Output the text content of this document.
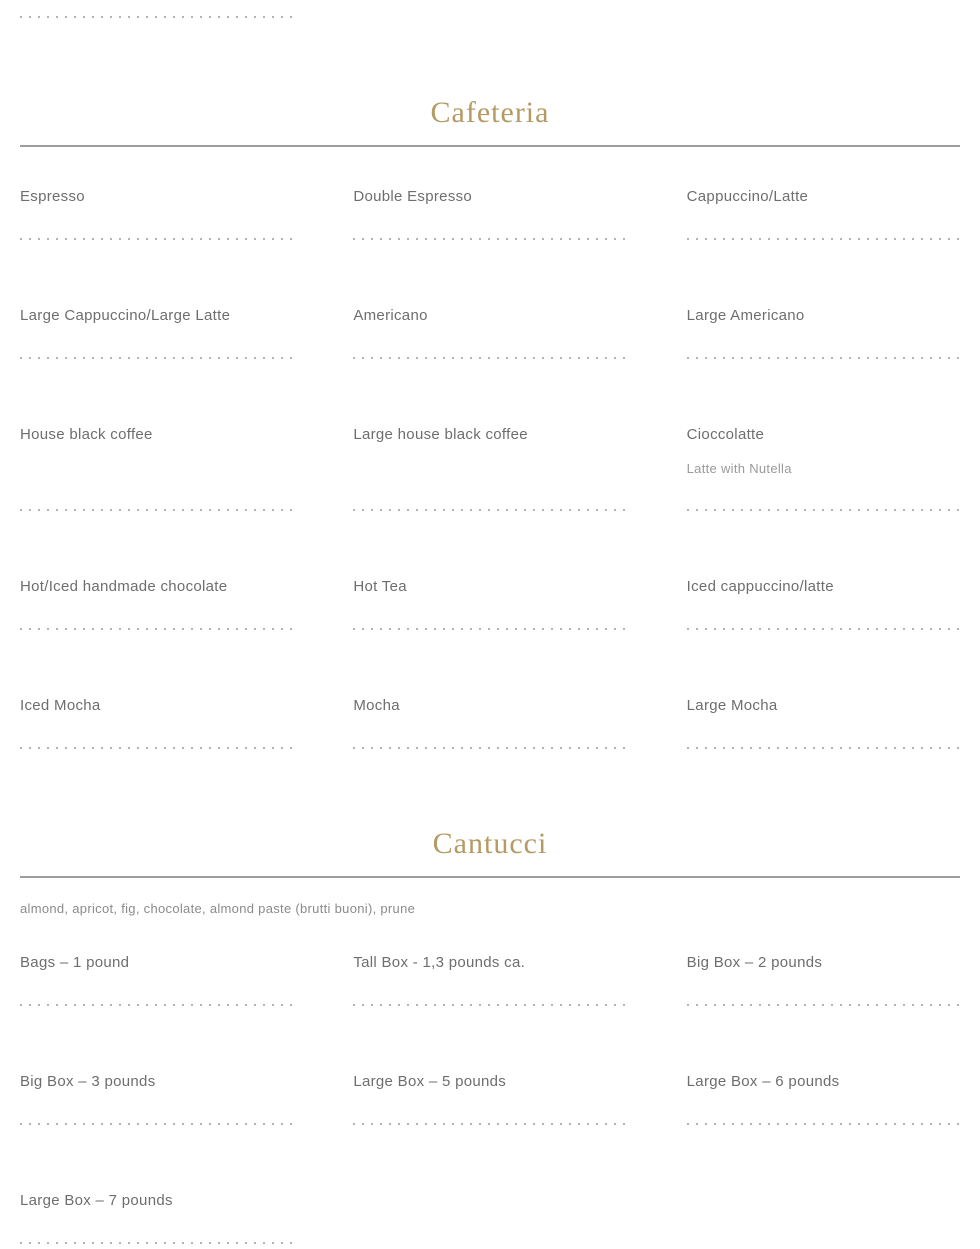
Cafeteria
Espresso	Double Espresso	Cappuccino/Latte
Large Cappuccino/Large Latte	Americano	Large Americano
House black coffee	Large house black coffee	Cioccolatte
Latte with Nutella
Hot/Iced handmade chocolate	Hot Tea	Iced cappuccino/latte
Iced Mocha	Mocha	Large Mocha
Cantucci
almond, apricot, fig, chocolate, almond paste (brutti buoni), prune
Bags – 1 pound	Tall Box - 1,3 pounds ca.	Big Box – 2 pounds
Big Box – 3 pounds	Large Box – 5 pounds	Large Box – 6 pounds
Large Box – 7 pounds
